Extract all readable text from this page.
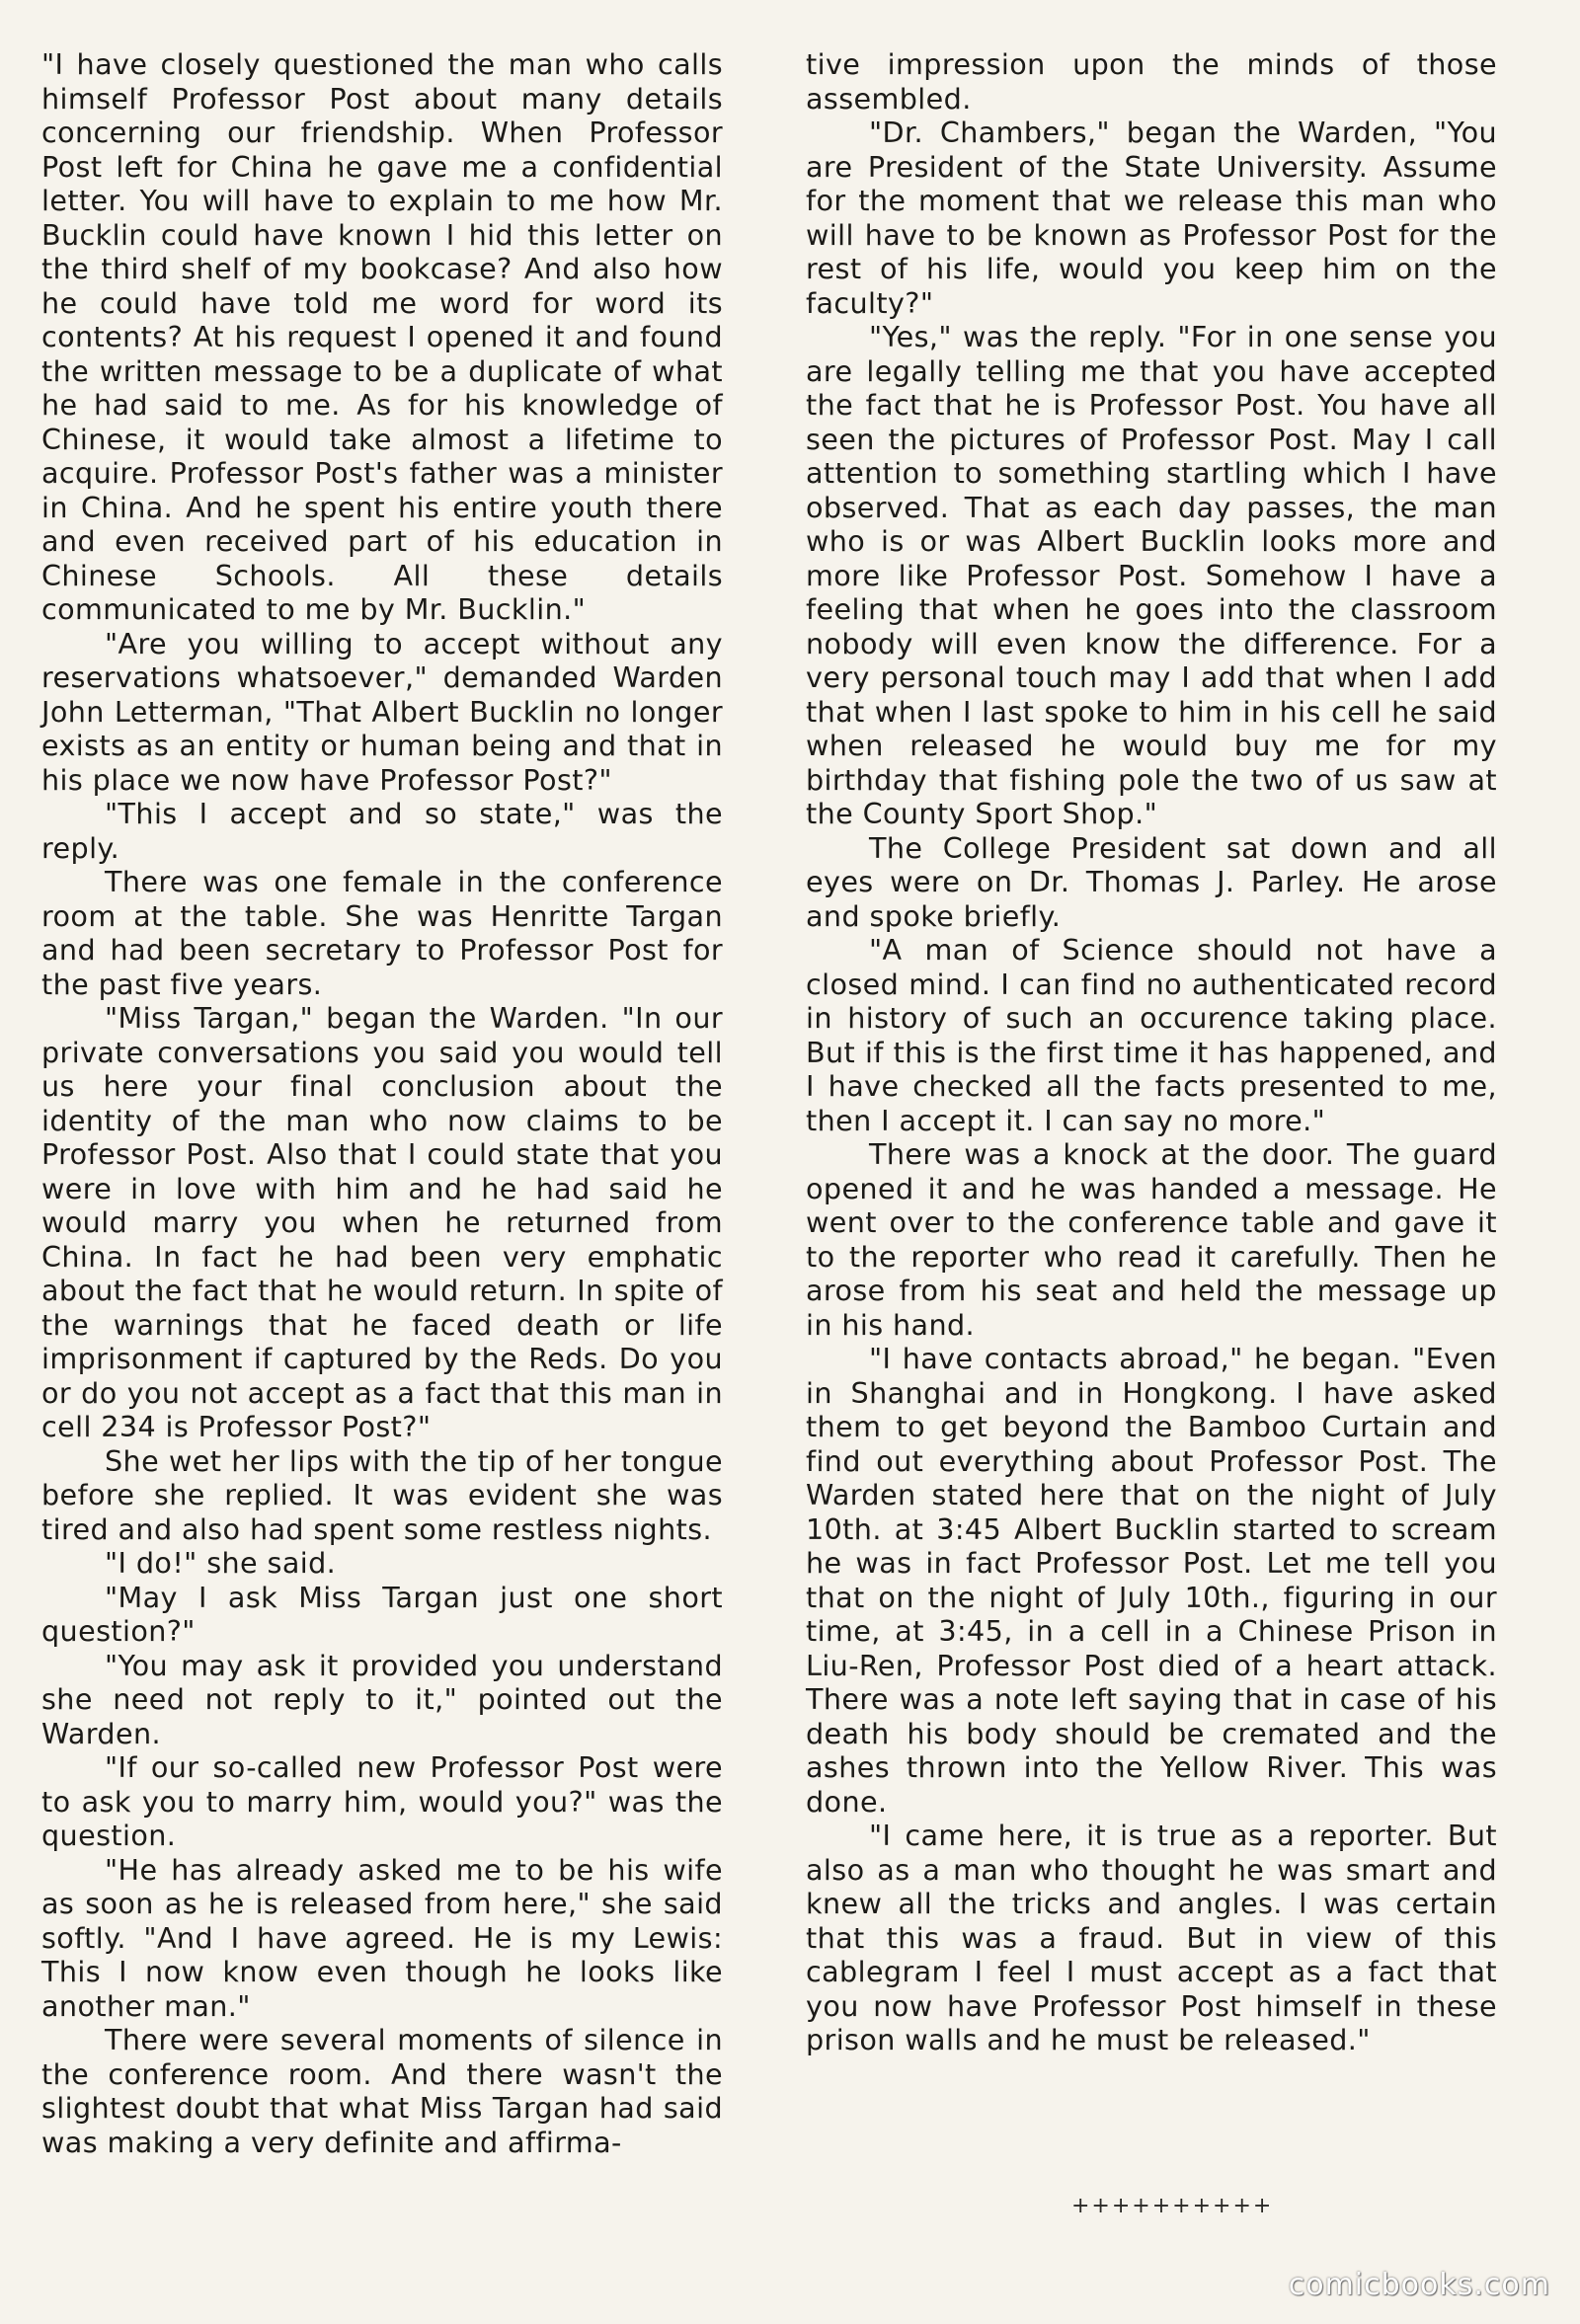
"I have closely questioned the man who calls himself Professor Post about many details concerning our friendship. When Professor Post left for China he gave me a confidential letter. You will have to explain to me how Mr. Bucklin could have known I hid this letter on the third shelf of my bookcase? And also how he could have told me word for word its contents? At his request I opened it and found the written message to be a duplicate of what he had said to me. As for his knowledge of Chinese, it would take almost a lifetime to acquire. Professor Post's father was a minister in China. And he spent his entire youth there and even received part of his education in Chinese Schools. All these details communicated to me by Mr. Bucklin."

"Are you willing to accept without any reservations whatsoever," demanded Warden John Letterman, "That Albert Bucklin no longer exists as an entity or human being and that in his place we now have Professor Post?"

"This I accept and so state," was the reply.

There was one female in the conference room at the table. She was Henritte Targan and had been secretary to Professor Post for the past five years.

"Miss Targan," began the Warden. "In our private conversations you said you would tell us here your final conclusion about the identity of the man who now claims to be Professor Post. Also that I could state that you were in love with him and he had said he would marry you when he returned from China. In fact he had been very emphatic about the fact that he would return. In spite of the warnings that he faced death or life imprisonment if captured by the Reds. Do you or do you not accept as a fact that this man in cell 234 is Professor Post?"

She wet her lips with the tip of her tongue before she replied. It was evident she was tired and also had spent some restless nights.

"I do!" she said.

"May I ask Miss Targan just one short question?"

"You may ask it provided you understand she need not reply to it," pointed out the Warden.

"If our so-called new Professor Post were to ask you to marry him, would you?" was the question.

"He has already asked me to be his wife as soon as he is released from here," she said softly. "And I have agreed. He is my Lewis: This I now know even though he looks like another man."

There were several moments of silence in the conference room. And there wasn't the slightest doubt that what Miss Targan had said was making a very definite and affirma-

tive impression upon the minds of those assembled.

"Dr. Chambers," began the Warden, "You are President of the State University. Assume for the moment that we release this man who will have to be known as Professor Post for the rest of his life, would you keep him on the faculty?"

"Yes," was the reply. "For in one sense you are legally telling me that you have accepted the fact that he is Professor Post. You have all seen the pictures of Professor Post. May I call attention to something startling which I have observed. That as each day passes, the man who is or was Albert Bucklin looks more and more like Professor Post. Somehow I have a feeling that when he goes into the classroom nobody will even know the difference. For a very personal touch may I add that when I add that when I last spoke to him in his cell he said when released he would buy me for my birthday that fishing pole the two of us saw at the County Sport Shop."

The College President sat down and all eyes were on Dr. Thomas J. Parley. He arose and spoke briefly.

"A man of Science should not have a closed mind. I can find no authenticated record in history of such an occurence taking place. But if this is the first time it has happened, and I have checked all the facts presented to me, then I accept it. I can say no more."

There was a knock at the door. The guard opened it and he was handed a message. He went over to the conference table and gave it to the reporter who read it carefully. Then he arose from his seat and held the message up in his hand.

"I have contacts abroad," he began. "Even in Shanghai and in Hongkong. I have asked them to get beyond the Bamboo Curtain and find out everything about Professor Post. The Warden stated here that on the night of July 10th. at 3:45 Albert Bucklin started to scream he was in fact Professor Post. Let me tell you that on the night of July 10th., figuring in our time, at 3:45, in a cell in a Chinese Prison in Liu-Ren, Professor Post died of a heart attack. There was a note left saying that in case of his death his body should be cremated and the ashes thrown into the Yellow River. This was done.

"I came here, it is true as a reporter. But also as a man who thought he was smart and knew all the tricks and angles. I was certain that this was a fraud. But in view of this cablegram I feel I must accept as a fact that you now have Professor Post himself in these prison walls and he must be released."

++++++++++
comicbooks.com
